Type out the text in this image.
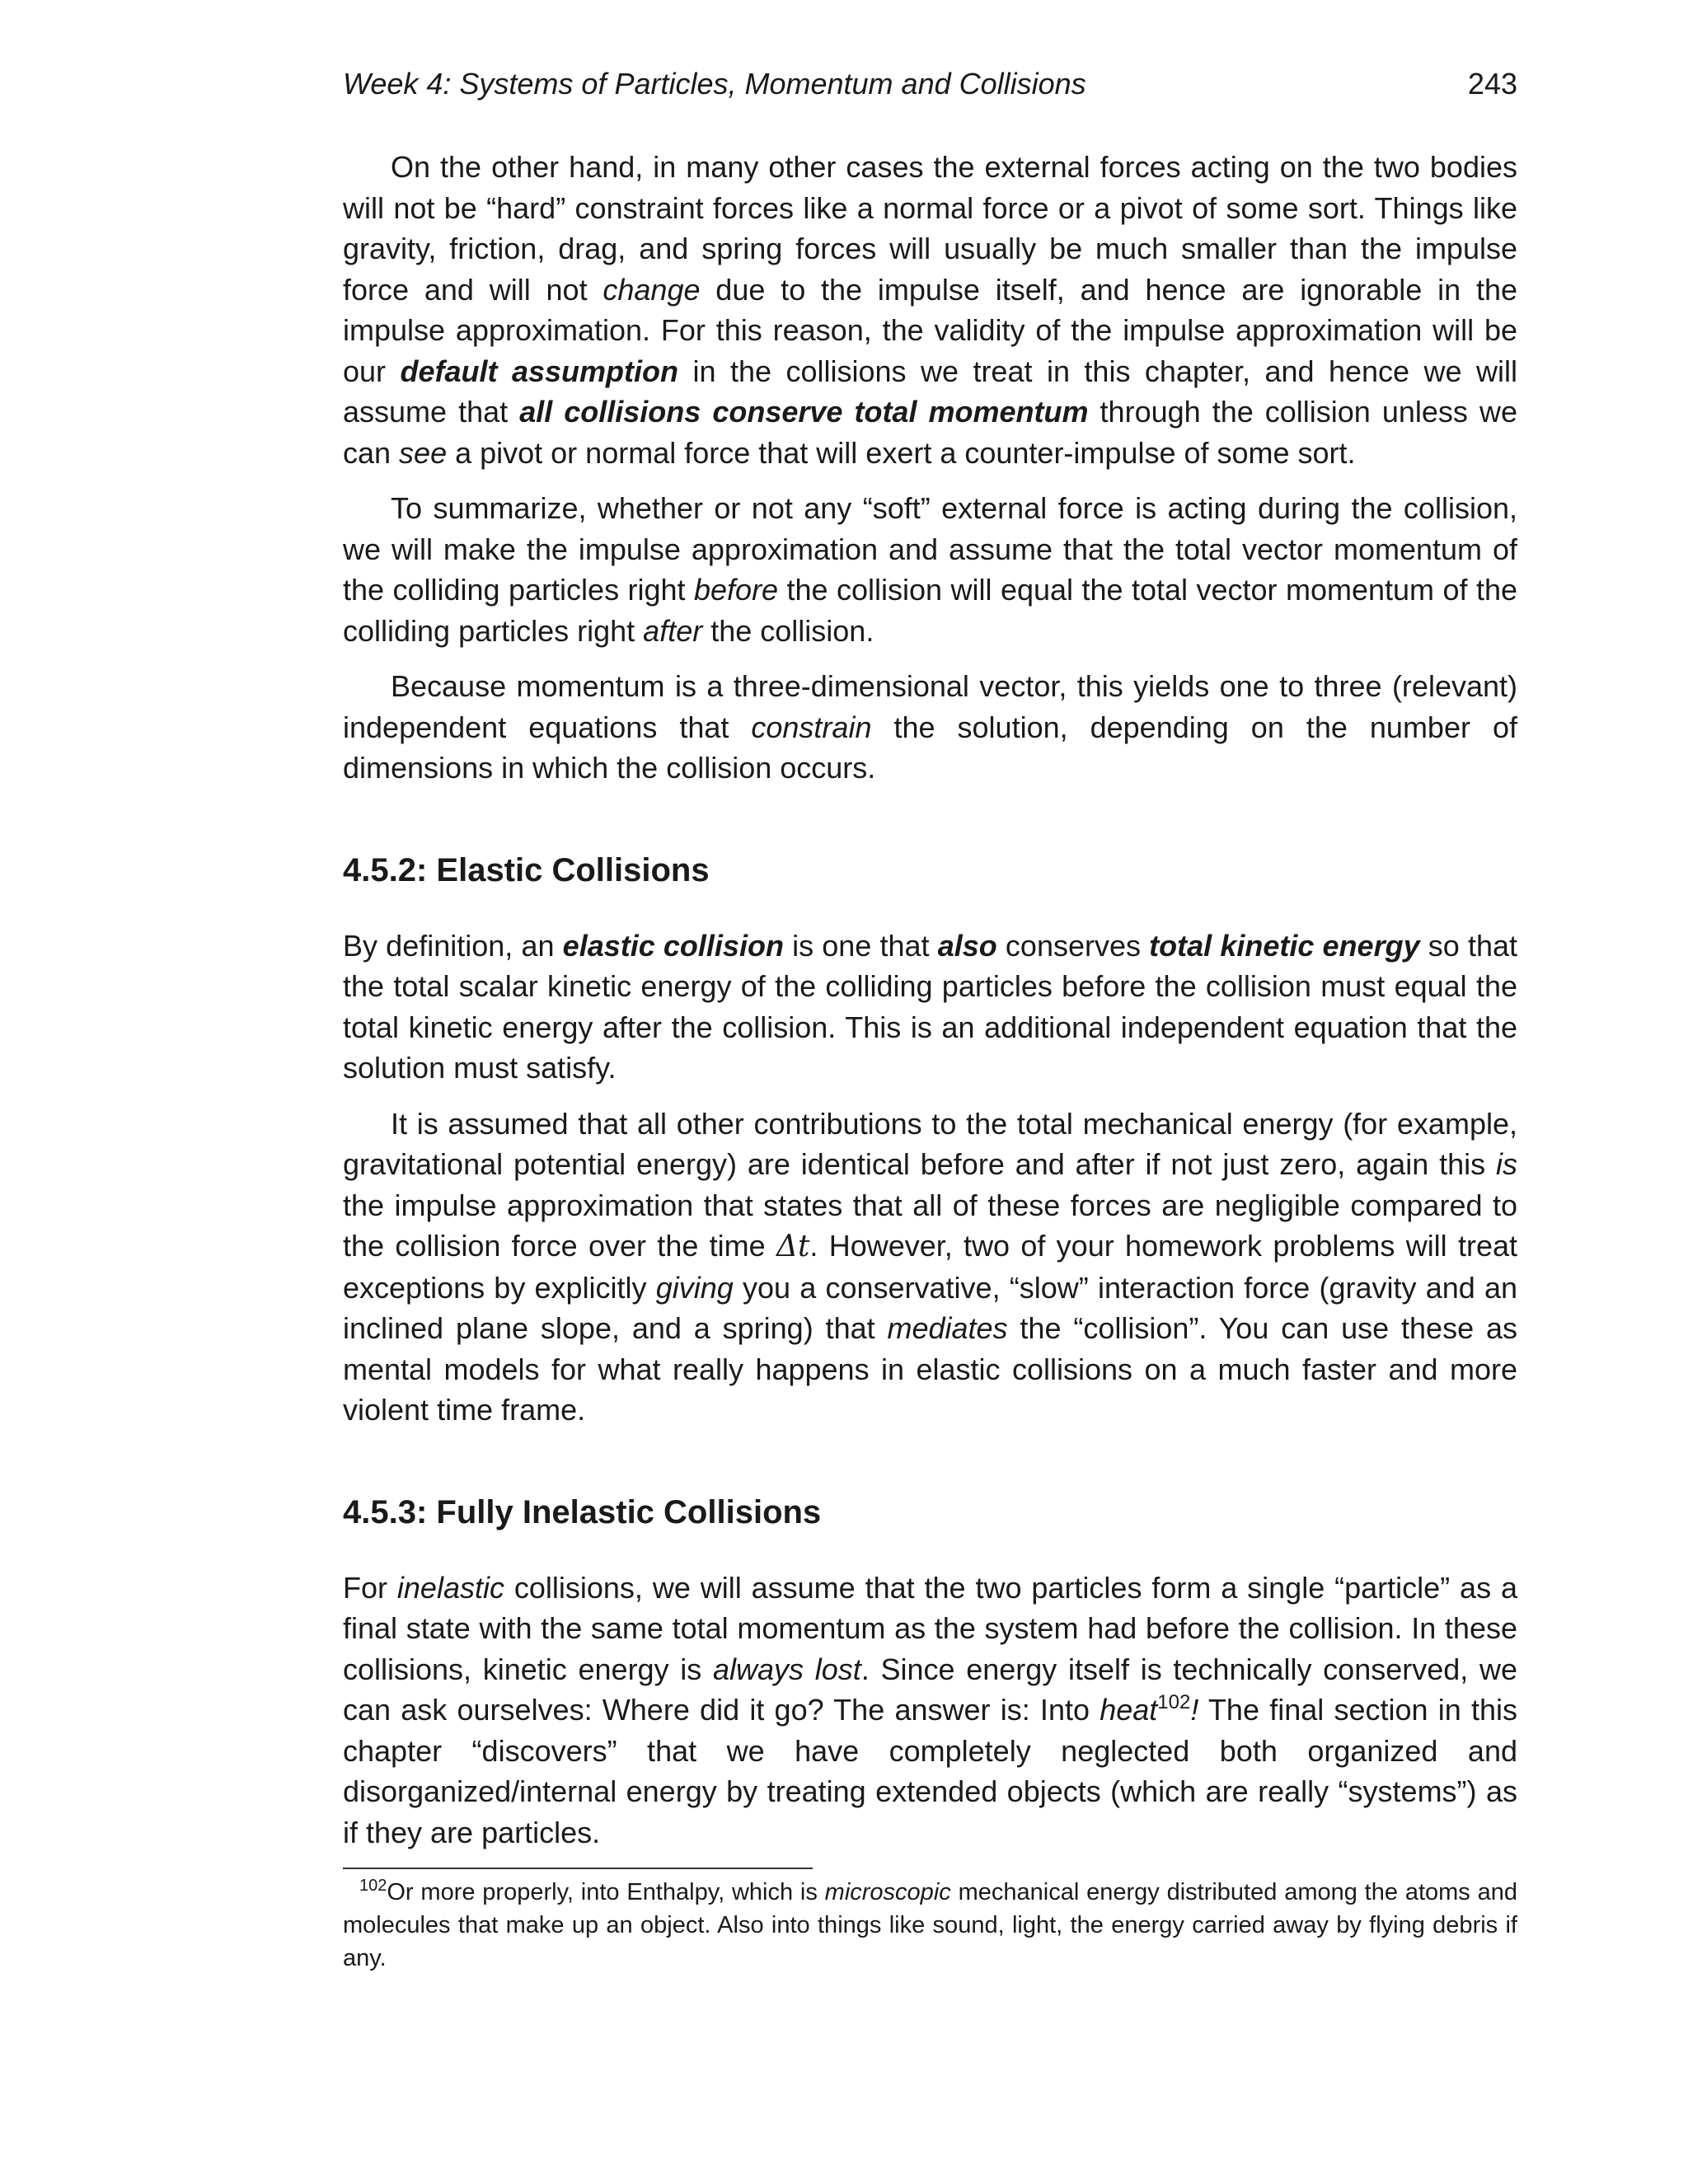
Week 4: Systems of Particles, Momentum and Collisions	243

On the other hand, in many other cases the external forces acting on the two bodies will not be “hard” constraint forces like a normal force or a pivot of some sort. Things like gravity, friction, drag, and spring forces will usually be much smaller than the impulse force and will not change due to the impulse itself, and hence are ignorable in the impulse approximation. For this reason, the validity of the impulse approximation will be our default assumption in the collisions we treat in this chapter, and hence we will assume that all collisions conserve total momentum through the collision unless we can see a pivot or normal force that will exert a counter-impulse of some sort.

To summarize, whether or not any “soft” external force is acting during the collision, we will make the impulse approximation and assume that the total vector momentum of the colliding particles right before the collision will equal the total vector momentum of the colliding particles right after the collision.

Because momentum is a three-dimensional vector, this yields one to three (relevant) independent equations that constrain the solution, depending on the number of dimensions in which the collision occurs.

4.5.2: Elastic Collisions

By definition, an elastic collision is one that also conserves total kinetic energy so that the total scalar kinetic energy of the colliding particles before the collision must equal the total kinetic energy after the collision. This is an additional independent equation that the solution must satisfy.

It is assumed that all other contributions to the total mechanical energy (for example, gravitational potential energy) are identical before and after if not just zero, again this is the impulse approximation that states that all of these forces are negligible compared to the collision force over the time Δt. However, two of your homework problems will treat exceptions by explicitly giving you a conservative, “slow” interaction force (gravity and an inclined plane slope, and a spring) that mediates the “collision”. You can use these as mental models for what really happens in elastic collisions on a much faster and more violent time frame.

4.5.3: Fully Inelastic Collisions

For inelastic collisions, we will assume that the two particles form a single “particle” as a final state with the same total momentum as the system had before the collision. In these collisions, kinetic energy is always lost. Since energy itself is technically conserved, we can ask ourselves: Where did it go? The answer is: Into heat$^{102}$! The final section in this chapter “discovers” that we have completely neglected both organized and disorganized/internal energy by treating extended objects (which are really “systems”) as if they are particles.

$^{102}$Or more properly, into Enthalpy, which is microscopic mechanical energy distributed among the atoms and molecules that make up an object. Also into things like sound, light, the energy carried away by flying debris if any.
